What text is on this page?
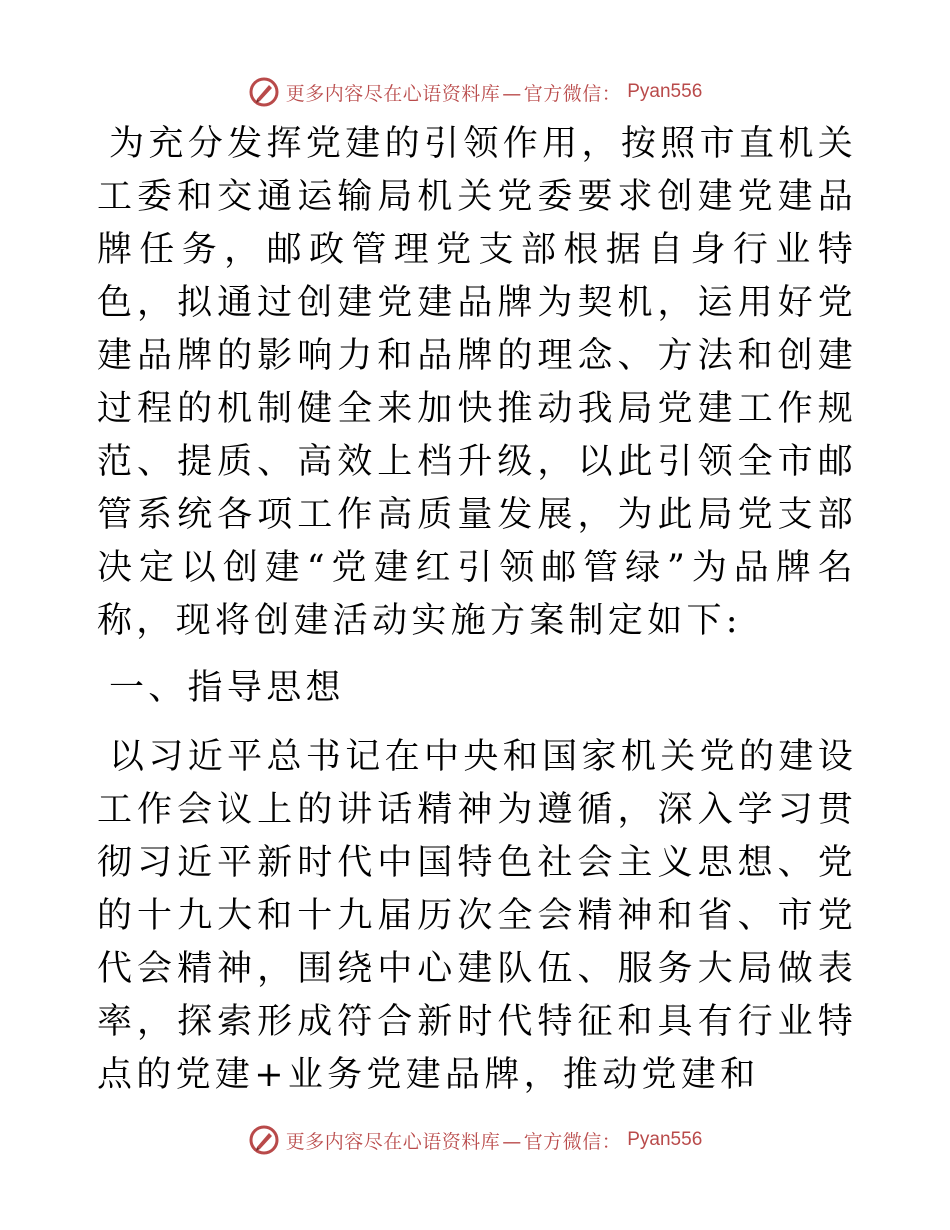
更多内容尽在心语资料库 — 官方微信： Pyan556

为充分发挥党建的引领作用，按照市直机关工委和交通运输局机关党委要求创建党建品牌任务，邮政管理党支部根据自身行业特色，拟通过创建党建品牌为契机，运用好党建品牌的影响力和品牌的理念、方法和创建过程的机制健全来加快推动我局党建工作规范、提质、高效上档升级，以此引领全市邮管系统各项工作高质量发展，为此局党支部决定以创建“党建红引领邮管绿”为品牌名称，现将创建活动实施方案制定如下:

一、指导思想

以习近平总书记在中央和国家机关党的建设工作会议上的讲话精神为遵循，深入学习贯彻习近平新时代中国特色社会主义思想、党的十九大和十九届历次全会精神和省、市党代会精神，围绕中心建队伍、服务大局做表率，探索形成符合新时代特征和具有行业特点的党建+业务党建品牌，推动党建和

更多内容尽在心语资料库 — 官方微信： Pyan556
